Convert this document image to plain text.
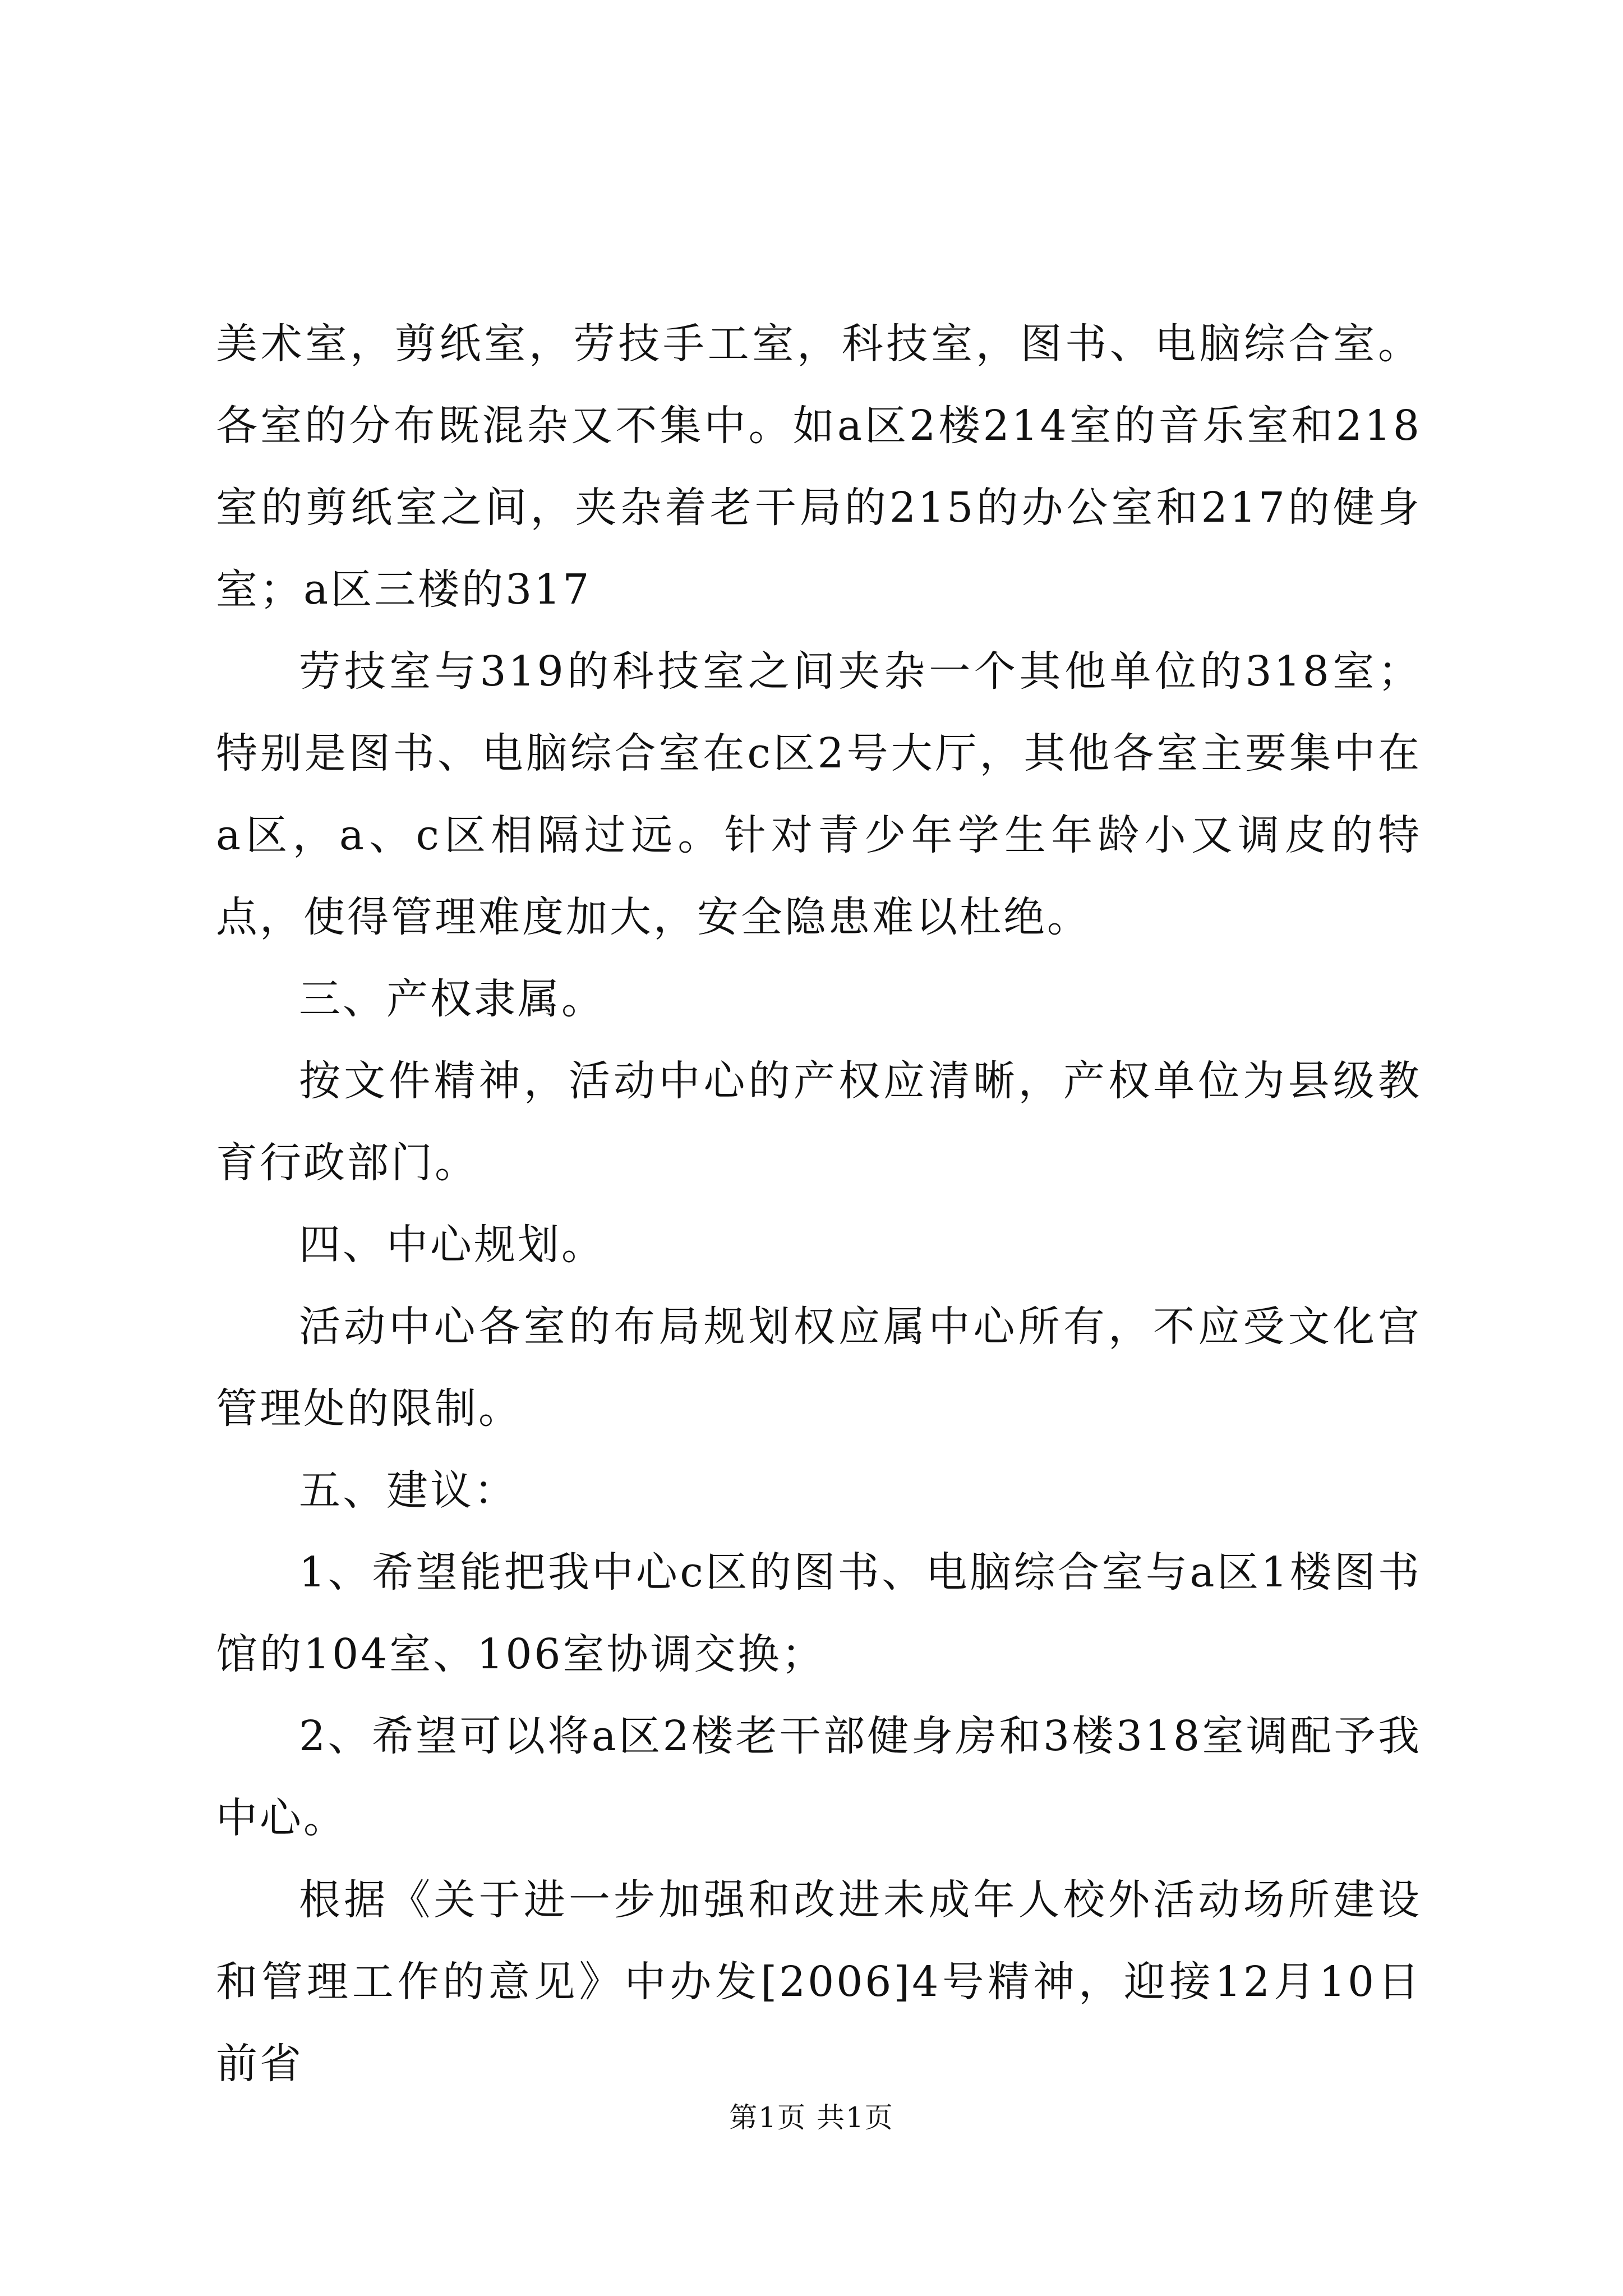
美术室，剪纸室，劳技手工室，科技室，图书、电脑综合室。各室的分布既混杂又不集中。如a区2楼214室的音乐室和218室的剪纸室之间，夹杂着老干局的215的办公室和217的健身室；a区三楼的317

劳技室与319的科技室之间夹杂一个其他单位的318室；特别是图书、电脑综合室在c区2号大厅，其他各室主要集中在a区，a、c区相隔过远。针对青少年学生年龄小又调皮的特点，使得管理难度加大，安全隐患难以杜绝。

三、产权隶属。

按文件精神，活动中心的产权应清晰，产权单位为县级教育行政部门。

四、中心规划。

活动中心各室的布局规划权应属中心所有，不应受文化宫管理处的限制。

五、建议：

1、希望能把我中心c区的图书、电脑综合室与a区1楼图书馆的104室、106室协调交换；

2、希望可以将a区2楼老干部健身房和3楼318室调配予我中心。

根据《关于进一步加强和改进未成年人校外活动场所建设和管理工作的意见》中办发[2006]4号精神，迎接12月10日前省

第1页 共1页
